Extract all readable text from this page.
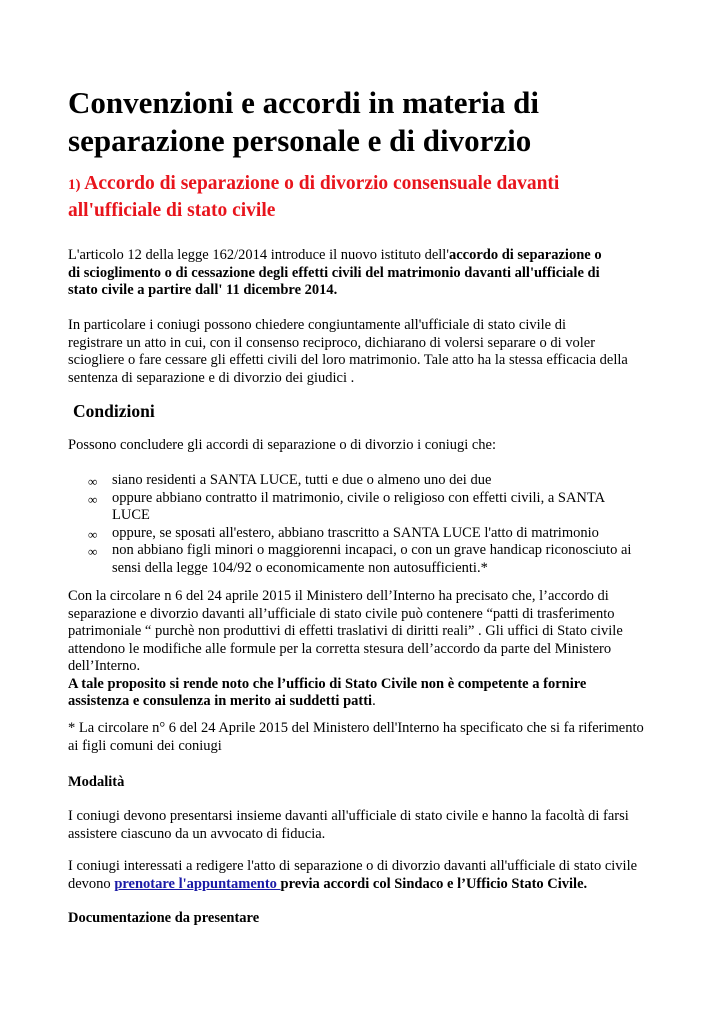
Convenzioni e accordi in materia di
separazione personale e di divorzio
1) Accordo di separazione o di divorzio consensuale davanti
all'ufficiale di stato civile

L'articolo 12 della legge 162/2014 introduce il nuovo istituto dell'accordo di separazione o
di scioglimento o di cessazione degli effetti civili del matrimonio davanti all'ufficiale di
stato civile a partire dall' 11 dicembre 2014.

In particolare i coniugi possono chiedere congiuntamente all'ufficiale di stato civile di
registrare un atto in cui, con il consenso reciproco, dichiarano di volersi separare o di voler
sciogliere o fare cessare gli effetti civili del loro matrimonio. Tale atto ha la stessa efficacia della
sentenza di separazione e di divorzio dei giudici .

Condizioni

Possono concludere gli accordi di separazione o di divorzio i coniugi che:

∞ siano residenti a SANTA LUCE, tutti e due o almeno uno dei due
∞ oppure abbiano contratto il matrimonio, civile o religioso con effetti civili, a SANTA
LUCE
∞ oppure, se sposati all'estero, abbiano trascritto a SANTA LUCE l'atto di matrimonio
∞ non abbiano figli minori o maggiorenni incapaci, o con un grave handicap riconosciuto ai
sensi della legge 104/92 o economicamente non autosufficienti.*

Con la circolare n 6 del 24 aprile 2015 il Ministero dell’Interno ha precisato che, l’accordo di
separazione e divorzio davanti all’ufficiale di stato civile può contenere “patti di trasferimento
patrimoniale “ purchè non produttivi di effetti traslativi di diritti reali” . Gli uffici di Stato civile
attendono le modifiche alle formule per la corretta stesura dell’accordo da parte del Ministero
dell’Interno.
A tale proposito si rende noto che l’ufficio di Stato Civile non è competente a fornire
assistenza e consulenza in merito ai suddetti patti.

* La circolare n° 6 del 24 Aprile 2015 del Ministero dell'Interno ha specificato che si fa riferimento
ai figli comuni dei coniugi

Modalità

I coniugi devono presentarsi insieme davanti all'ufficiale di stato civile e hanno la facoltà di farsi
assistere ciascuno da un avvocato di fiducia.

I coniugi interessati a redigere l'atto di separazione o di divorzio davanti all'ufficiale di stato civile
devono prenotare l'appuntamento previa accordi col Sindaco e l’Ufficio Stato Civile.

Documentazione da presentare
